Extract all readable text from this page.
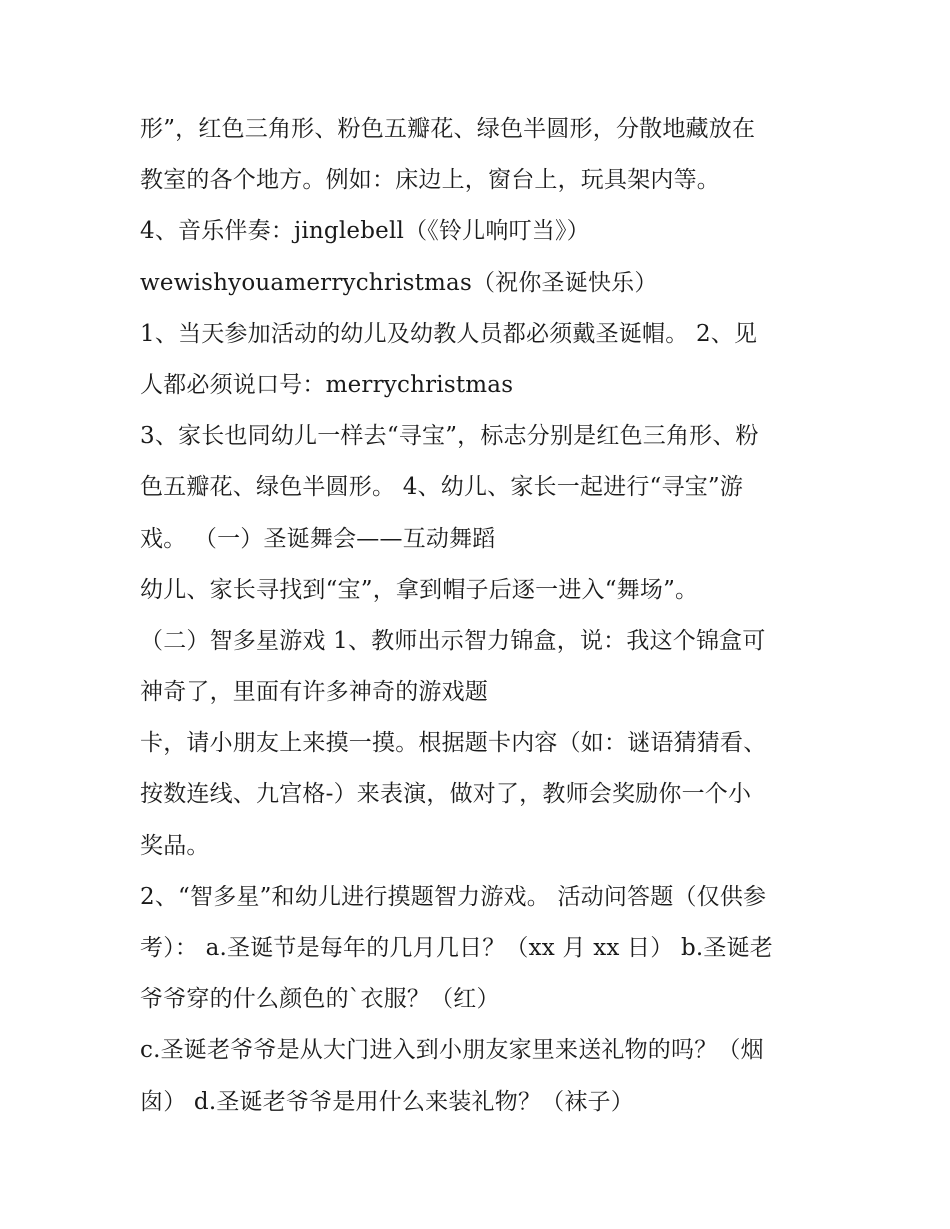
形”，红色三角形、粉色五瓣花、绿色半圆形，分散地藏放在
教室的各个地方。例如：床边上，窗台上，玩具架内等。
4、音乐伴奏：jinglebell（《铃儿响叮当》）
wewishyouamerrychristmas（祝你圣诞快乐）
1、当天参加活动的幼儿及幼教人员都必须戴圣诞帽。 2、见
人都必须说口号：merrychristmas
3、家长也同幼儿一样去“寻宝”，标志分别是红色三角形、粉
色五瓣花、绿色半圆形。 4、幼儿、家长一起进行“寻宝”游
戏。 （一）圣诞舞会——互动舞蹈
幼儿、家长寻找到“宝”，拿到帽子后逐一进入“舞场”。
（二）智多星游戏 1、教师出示智力锦盒，说：我这个锦盒可
神奇了，里面有许多神奇的游戏题
卡，请小朋友上来摸一摸。根据题卡内容（如：谜语猜猜看、
按数连线、九宫格-）来表演，做对了，教师会奖励你一个小
奖品。
2、“智多星”和幼儿进行摸题智力游戏。 活动问答题（仅供参
考）： a.圣诞节是每年的几月几日？（xx 月 xx 日） b.圣诞老
爷爷穿的什么颜色的`衣服？（红）
c.圣诞老爷爷是从大门进入到小朋友家里来送礼物的吗？（烟
囱） d.圣诞老爷爷是用什么来装礼物？（袜子）
